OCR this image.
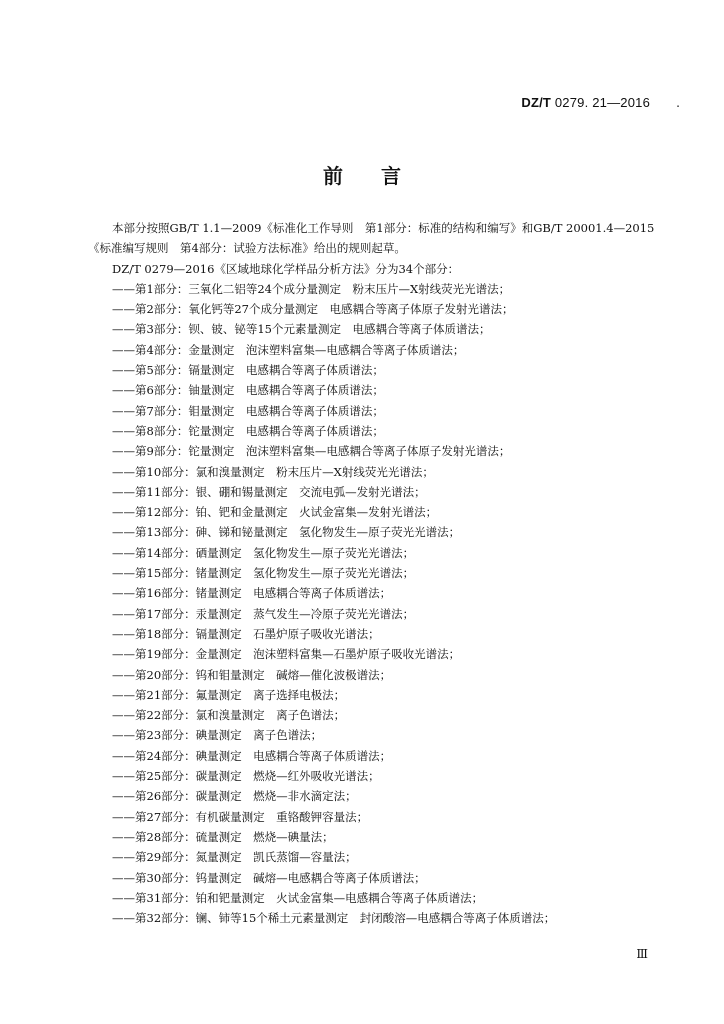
DZ/T 0279. 21—2016 .
前言

本部分按照GB/T 1.1—2009《标准化工作导则　第1部分：标准的结构和编写》和GB/T 20001.4—2015《标准编写规则　第4部分：试验方法标准》给出的规则起草。

DZ/T 0279—2016《区域地球化学样品分析方法》分为34个部分：

——第1部分：三氧化二铝等24个成分量测定　粉末压片—X射线荧光光谱法；

——第2部分：氧化钙等27个成分量测定　电感耦合等离子体原子发射光谱法；

——第3部分：钡、铍、铋等15个元素量测定　电感耦合等离子体质谱法；

——第4部分：金量测定　泡沫塑料富集—电感耦合等离子体质谱法；

——第5部分：镉量测定　电感耦合等离子体质谱法；

——第6部分：铀量测定　电感耦合等离子体质谱法；

——第7部分：钼量测定　电感耦合等离子体质谱法；

——第8部分：铊量测定　电感耦合等离子体质谱法；

——第9部分：铊量测定　泡沫塑料富集—电感耦合等离子体原子发射光谱法；

——第10部分：氯和溴量测定　粉末压片—X射线荧光光谱法；

——第11部分：银、硼和锡量测定　交流电弧—发射光谱法；

——第12部分：铂、钯和金量测定　火试金富集—发射光谱法；

——第13部分：砷、锑和铋量测定　氢化物发生—原子荧光光谱法；

——第14部分：硒量测定　氢化物发生—原子荧光光谱法；

——第15部分：锗量测定　氢化物发生—原子荧光光谱法；

——第16部分：锗量测定　电感耦合等离子体质谱法；

——第17部分：汞量测定　蒸气发生—冷原子荧光光谱法；

——第18部分：镉量测定　石墨炉原子吸收光谱法；

——第19部分：金量测定　泡沫塑料富集—石墨炉原子吸收光谱法；

——第20部分：钨和钼量测定　碱熔—催化波极谱法；

——第21部分：氟量测定　离子选择电极法；

——第22部分：氯和溴量测定　离子色谱法；

——第23部分：碘量测定　离子色谱法；

——第24部分：碘量测定　电感耦合等离子体质谱法；

——第25部分：碳量测定　燃烧—红外吸收光谱法；

——第26部分：碳量测定　燃烧—非水滴定法；

——第27部分：有机碳量测定　重铬酸钾容量法；

——第28部分：硫量测定　燃烧—碘量法；

——第29部分：氮量测定　凯氏蒸馏—容量法；

——第30部分：钨量测定　碱熔—电感耦合等离子体质谱法；

——第31部分：铂和钯量测定　火试金富集—电感耦合等离子体质谱法；

——第32部分：镧、铈等15个稀土元素量测定　封闭酸溶—电感耦合等离子体质谱法；

Ⅲ
